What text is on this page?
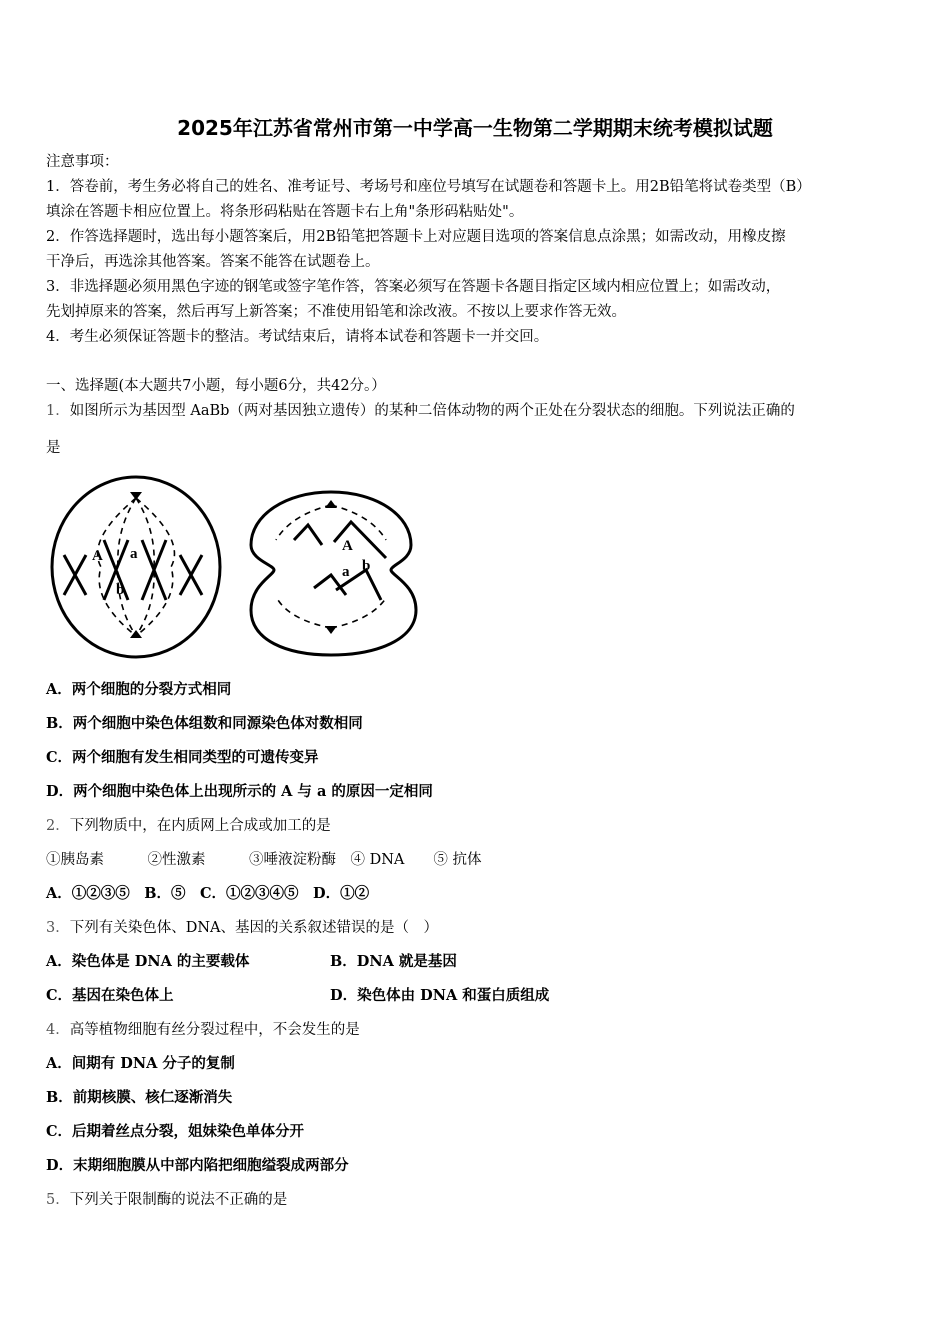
2025年江苏省常州市第一中学高一生物第二学期期末统考模拟试题
注意事项：
1．答卷前，考生务必将自己的姓名、准考证号、考场号和座位号填写在试题卷和答题卡上。用2B铅笔将试卷类型（B）
填涂在答题卡相应位置上。将条形码粘贴在答题卡右上角"条形码粘贴处"。
2．作答选择题时，选出每小题答案后，用2B铅笔把答题卡上对应题目选项的答案信息点涂黑；如需改动，用橡皮擦
干净后，再选涂其他答案。答案不能答在试题卷上。
3．非选择题必须用黑色字迹的钢笔或签字笔作答，答案必须写在答题卡各题目指定区域内相应位置上；如需改动，
先划掉原来的答案，然后再写上新答案；不准使用铅笔和涂改液。不按以上要求作答无效。
4．考生必须保证答题卡的整洁。考试结束后，请将本试卷和答题卡一并交回。
一、选择题(本大题共7小题，每小题6分，共42分。）
1．如图所示为基因型 AaBb（两对基因独立遗传）的某种二倍体动物的两个正处在分裂状态的细胞。下列说法正确的
是
A a
b
A
a b
A．两个细胞的分裂方式相同
B．两个细胞中染色体组数和同源染色体对数相同
C．两个细胞有发生相同类型的可遗传变异
D．两个细胞中染色体上出现所示的 A 与 a 的原因一定相同
2．下列物质中，在内质网上合成或加工的是
①胰岛素　　　②性激素　　　③唾液淀粉酶　④ DNA　　⑤ 抗体
A．①②③⑤　B．⑤　C．①②③④⑤　D．①②
3．下列有关染色体、DNA、基因的关系叙述错误的是（　）
A．染色体是 DNA 的主要载体	B．DNA 就是基因
C．基因在染色体上	D．染色体由 DNA 和蛋白质组成
4．高等植物细胞有丝分裂过程中，不会发生的是
A．间期有 DNA 分子的复制
B．前期核膜、核仁逐渐消失
C．后期着丝点分裂，姐妹染色单体分开
D．末期细胞膜从中部内陷把细胞缢裂成两部分
5．下列关于限制酶的说法不正确的是
